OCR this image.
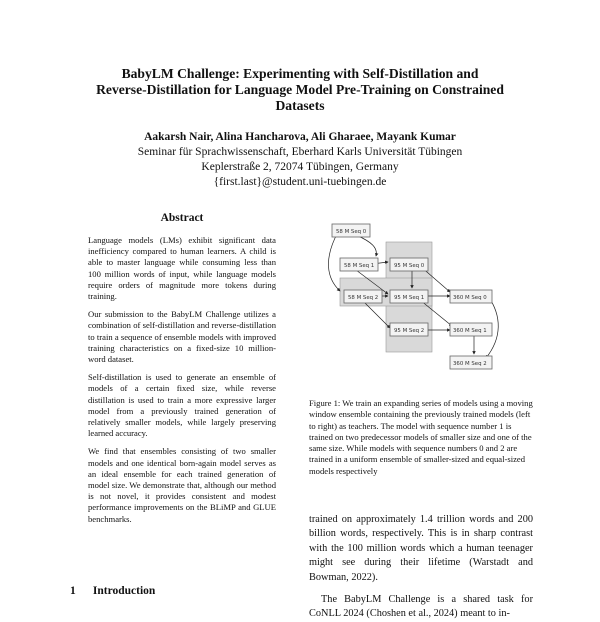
BabyLM Challenge: Experimenting with Self-Distillation and
Reverse-Distillation for Language Model Pre-Training on Constrained
Datasets
Aakarsh Nair, Alina Hancharova, Ali Gharaee, Mayank Kumar
Seminar für Sprachwissenschaft, Eberhard Karls Universität Tübingen
Keplerstraße 2, 72074 Tübingen, Germany
{first.last}@student.uni-tuebingen.de
Abstract

Language models (LMs) exhibit significant data inefficiency compared to human learners. A child is able to master language while consuming less than 100 million words of input, while language models require orders of magnitude more tokens during training.

Our submission to the BabyLM Challenge utilizes a combination of self-distillation and reverse-distillation to train a sequence of ensemble models with improved training characteristics on a fixed-size 10 million-word dataset.

Self-distillation is used to generate an ensemble of models of a certain fixed size, while reverse distillation is used to train a more expressive larger model from a previously trained generation of relatively smaller models, while largely preserving learned accuracy.

We find that ensembles consisting of two smaller models and one identical born-again model serves as an ideal ensemble for each trained generation of model size. We demonstrate that, although our method is not novel, it provides consistent and modest performance improvements on the BLiMP and GLUE benchmarks.

1 Introduction
58 M Seq 0
58 M Seq 1
58 M Seq 2
95 M Seq 0
95 M Seq 1
95 M Seq 2
360 M Seq 0
360 M Seq 1
360 M Seq 2
Figure 1: We train an expanding series of models using a moving window ensemble containing the previously trained models (left to right) as teachers. The model with sequence number 1 is trained on two predecessor models of smaller size and one of the same size. While models with sequence numbers 0 and 2 are trained in a uniform ensemble of smaller-sized and equal-sized models respectively

trained on approximately 1.4 trillion words and 200 billion words, respectively. This is in sharp contrast with the 100 million words which a human teenager might see during their lifetime (Warstadt and Bowman, 2022).

The BabyLM Challenge is a shared task for CoNLL 2024 (Choshen et al., 2024) meant to in-
